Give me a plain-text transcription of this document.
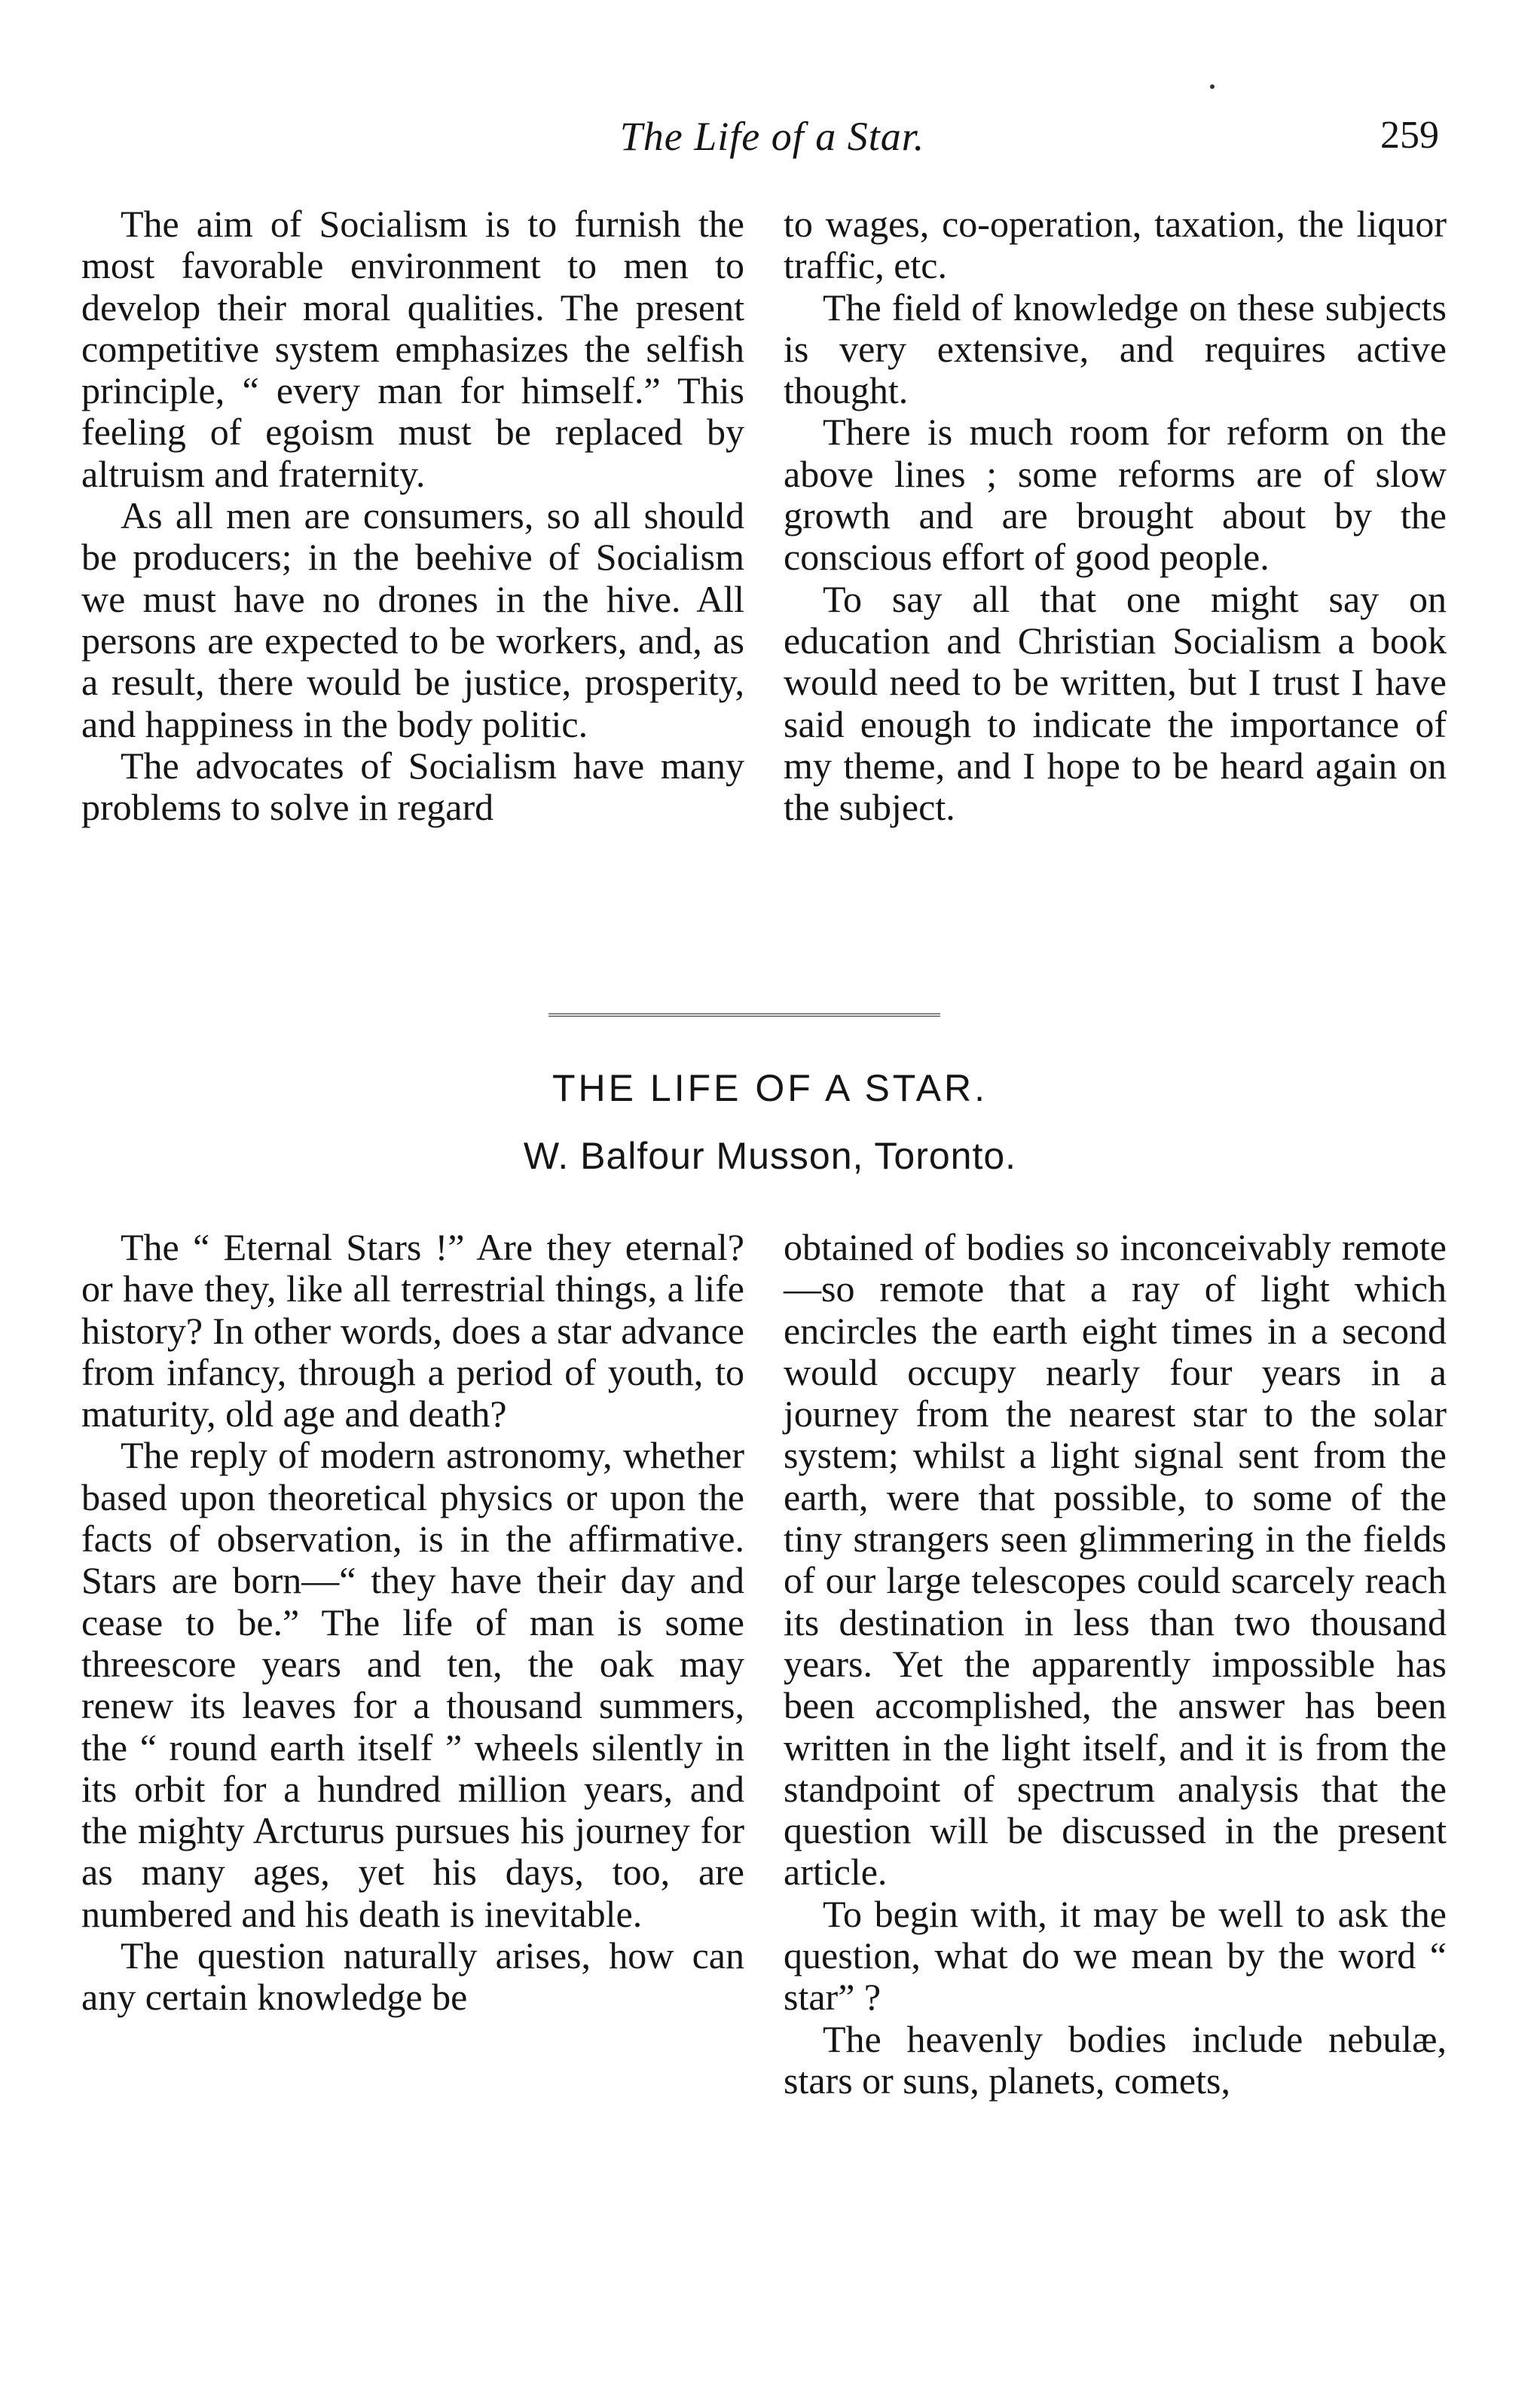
The Life of a Star.	259

The aim of Socialism is to furnish the most favorable environment to men to develop their moral qualities. The present competitive system emphasizes the selfish principle, “ every man for himself.” This feeling of egoism must be replaced by altruism and fraternity.

As all men are consumers, so all should be producers; in the beehive of Socialism we must have no drones in the hive. All persons are expected to be workers, and, as a result, there would be justice, prosperity, and happiness in the body politic.

The advocates of Socialism have many problems to solve in regard

to wages, co-operation, taxation, the liquor traffic, etc.

The field of knowledge on these subjects is very extensive, and requires active thought.

There is much room for reform on the above lines ; some reforms are of slow growth and are brought about by the conscious effort of good people.

To say all that one might say on education and Christian Socialism a book would need to be written, but I trust I have said enough to indicate the importance of my theme, and I hope to be heard again on the subject.

THE LIFE OF A STAR.
W. Balfour Musson, Toronto.

The “ Eternal Stars !” Are they eternal? or have they, like all terrestrial things, a life history? In other words, does a star advance from infancy, through a period of youth, to maturity, old age and death?

The reply of modern astronomy, whether based upon theoretical physics or upon the facts of observation, is in the affirmative. Stars are born—“ they have their day and cease to be.” The life of man is some threescore years and ten, the oak may renew its leaves for a thousand summers, the “ round earth itself ” wheels silently in its orbit for a hundred million years, and the mighty Arcturus pursues his journey for as many ages, yet his days, too, are numbered and his death is inevitable.

The question naturally arises, how can any certain knowledge be

obtained of bodies so inconceivably remote—so remote that a ray of light which encircles the earth eight times in a second would occupy nearly four years in a journey from the nearest star to the solar system; whilst a light signal sent from the earth, were that possible, to some of the tiny strangers seen glimmering in the fields of our large telescopes could scarcely reach its destination in less than two thousand years. Yet the apparently impossible has been accomplished, the answer has been written in the light itself, and it is from the standpoint of spectrum analysis that the question will be discussed in the present article.

To begin with, it may be well to ask the question, what do we mean by the word “ star” ?

The heavenly bodies include nebulæ, stars or suns, planets, comets,
